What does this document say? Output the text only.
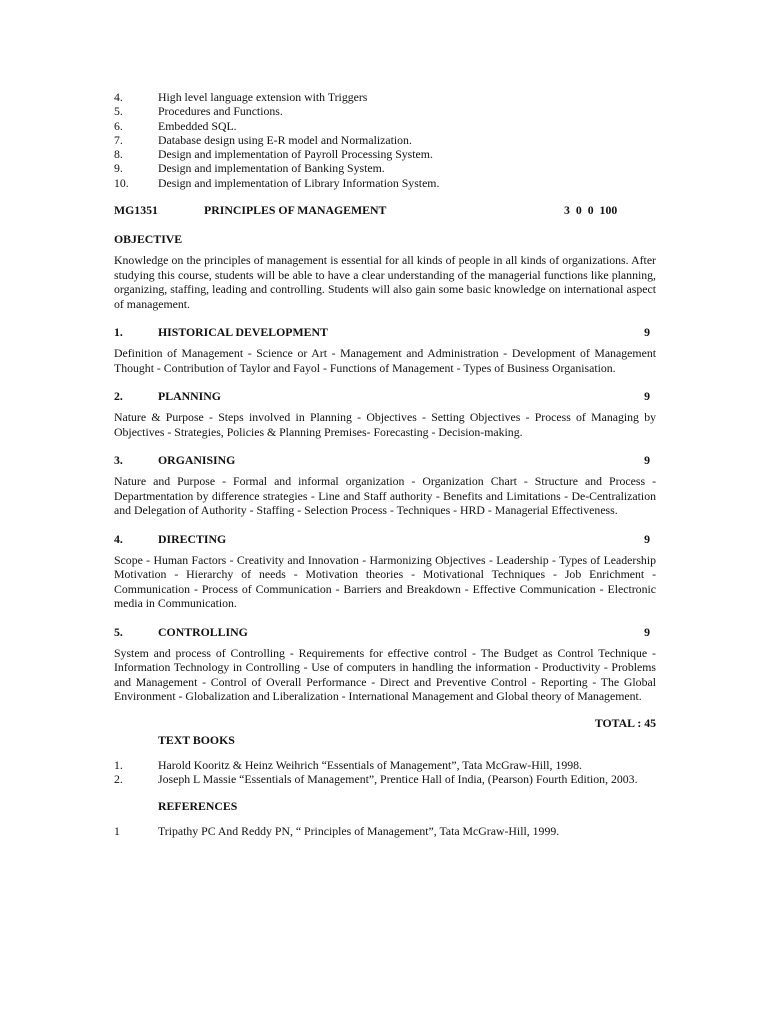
4.	High level language extension with Triggers
5.	Procedures and Functions.
6.	Embedded SQL.
7.	Database design using E-R model and Normalization.
8.	Design and implementation of Payroll Processing System.
9.	Design and implementation of Banking System.
10.	Design and implementation of Library Information System.
MG1351	PRINCIPLES OF MANAGEMENT	3 0 0 100
OBJECTIVE
Knowledge on the principles of management is essential for all kinds of people in all kinds of organizations. After studying this course, students will be able to have a clear understanding of the managerial functions like planning, organizing, staffing, leading and controlling. Students will also gain some basic knowledge on international aspect of management.
1.	HISTORICAL DEVELOPMENT	9
Definition of Management - Science or Art - Management and Administration - Development of Management Thought - Contribution of Taylor and Fayol - Functions of Management - Types of Business Organisation.
2.	PLANNING	9
Nature & Purpose - Steps involved in Planning - Objectives - Setting Objectives - Process of Managing by Objectives - Strategies, Policies & Planning Premises- Forecasting - Decision-making.
3.	ORGANISING	9
Nature and Purpose - Formal and informal organization - Organization Chart - Structure and Process - Departmentation by difference strategies - Line and Staff authority - Benefits and Limitations - De-Centralization and Delegation of Authority - Staffing - Selection Process - Techniques - HRD - Managerial Effectiveness.
4.	DIRECTING	9
Scope - Human Factors - Creativity and Innovation - Harmonizing Objectives - Leadership - Types of Leadership Motivation - Hierarchy of needs - Motivation theories - Motivational Techniques - Job Enrichment - Communication - Process of Communication - Barriers and Breakdown - Effective Communication - Electronic media in Communication.
5.	CONTROLLING	9
System and process of Controlling - Requirements for effective control - The Budget as Control Technique - Information Technology in Controlling - Use of computers in handling the information - Productivity - Problems and Management - Control of Overall Performance - Direct and Preventive Control - Reporting - The Global Environment - Globalization and Liberalization - International Management and Global theory of Management.
TOTAL : 45
TEXT BOOKS
1.	Harold Kooritz & Heinz Weihrich “Essentials of Management”, Tata McGraw-Hill, 1998.
2.	Joseph L Massie “Essentials of Management”, Prentice Hall of India, (Pearson) Fourth Edition, 2003.
REFERENCES
1	Tripathy PC And Reddy PN, “ Principles of Management”, Tata McGraw-Hill, 1999.
